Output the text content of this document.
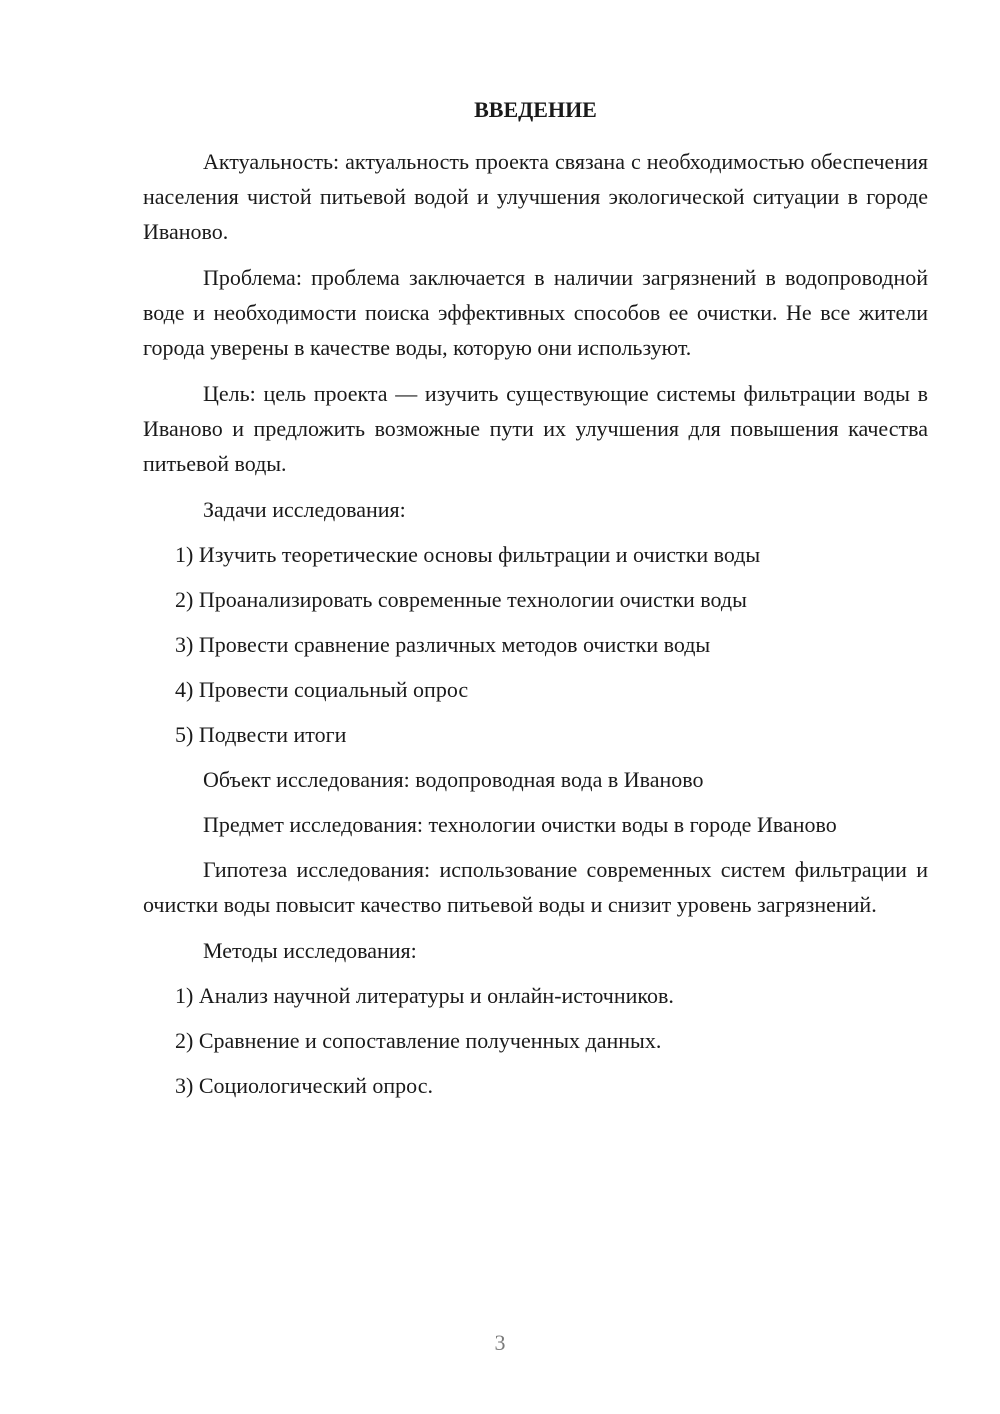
ВВЕДЕНИЕ

Актуальность: актуальность проекта связана с необходимостью обеспечения населения чистой питьевой водой и улучшения экологической ситуации в городе Иваново.

Проблема: проблема заключается в наличии загрязнений в водопроводной воде и необходимости поиска эффективных способов ее очистки. Не все жители города уверены в качестве воды, которую они используют.

Цель: цель проекта — изучить существующие системы фильтрации воды в Иваново и предложить возможные пути их улучшения для повышения качества питьевой воды.

Задачи исследования:

1) Изучить теоретические основы фильтрации и очистки воды

2) Проанализировать современные технологии очистки воды

3) Провести сравнение различных методов очистки воды

4) Провести социальный опрос

5) Подвести итоги

Объект исследования: водопроводная вода в Иваново

Предмет исследования: технологии очистки воды в городе Иваново

Гипотеза исследования: использование современных систем фильтрации и очистки воды повысит качество питьевой воды и снизит уровень загрязнений.

Методы исследования:

1) Анализ научной литературы и онлайн-источников.

2) Сравнение и сопоставление полученных данных.

3) Социологический опрос.

3
